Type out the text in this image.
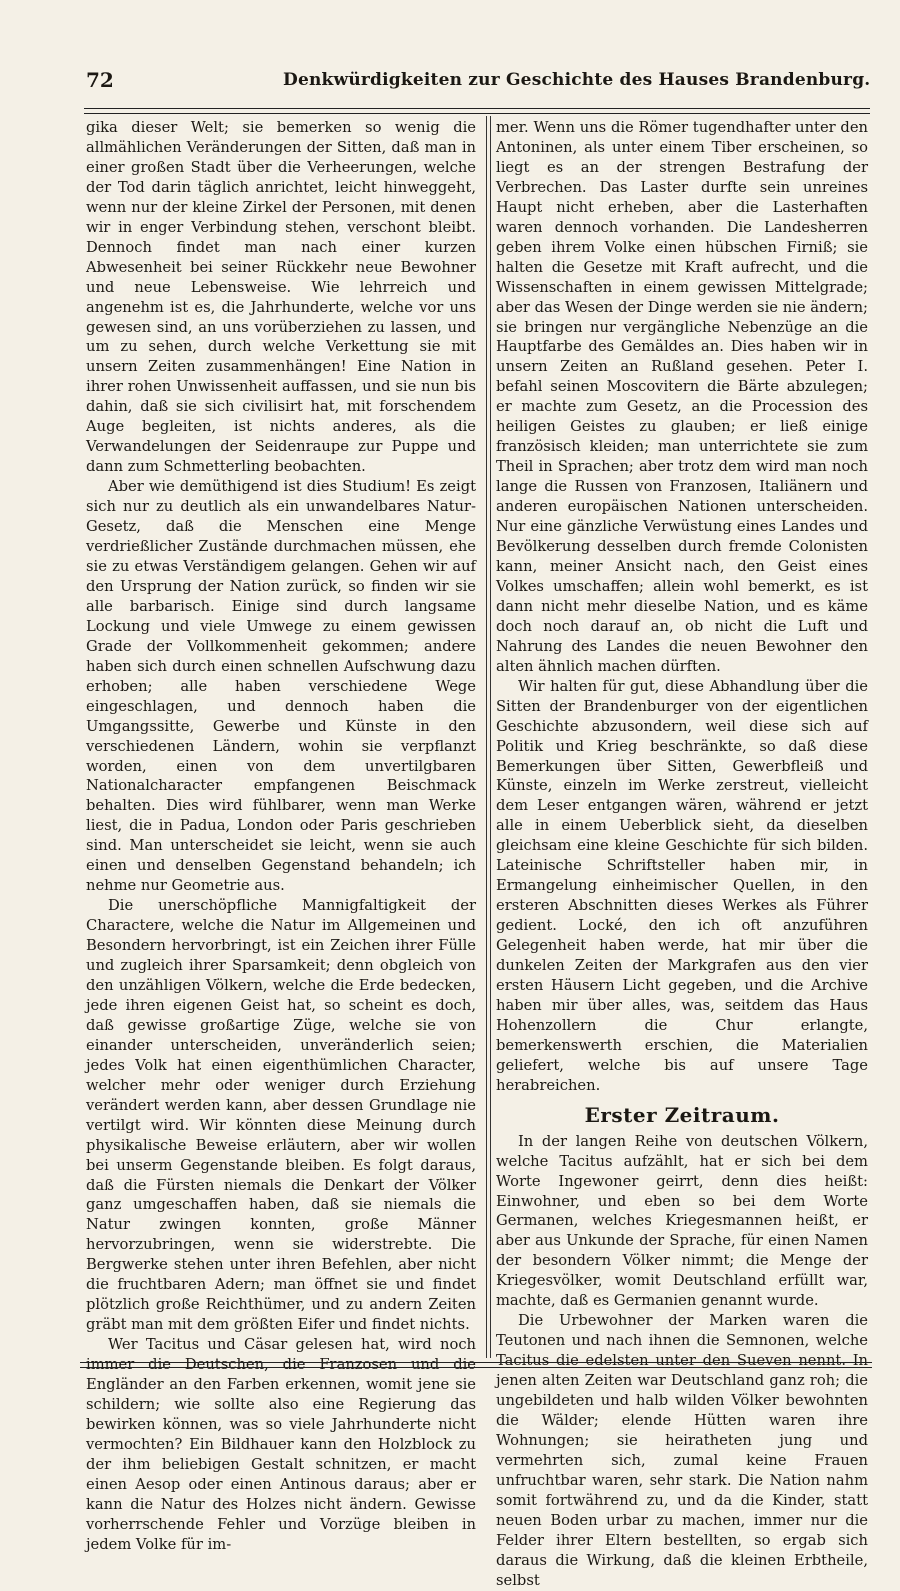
72	Denkwürdigkeiten zur Geschichte des Hauses Brandenburg.

gika dieser Welt; sie bemerken so wenig die allmählichen Veränderungen der Sitten, daß man in einer großen Stadt über die Verheerungen, welche der Tod darin täglich anrichtet, leicht hinweggeht, wenn nur der kleine Zirkel der Personen, mit denen wir in enger Verbindung stehen, verschont bleibt. Dennoch findet man nach einer kurzen Abwesenheit bei seiner Rückkehr neue Bewohner und neue Lebensweise. Wie lehrreich und angenehm ist es, die Jahrhunderte, welche vor uns gewesen sind, an uns vorüberziehen zu lassen, und um zu sehen, durch welche Verkettung sie mit unsern Zeiten zusammenhängen! Eine Nation in ihrer rohen Unwissenheit auffassen, und sie nun bis dahin, daß sie sich civilisirt hat, mit forschendem Auge begleiten, ist nichts anderes, als die Verwandelungen der Seidenraupe zur Puppe und dann zum Schmetterling beobachten.

Aber wie demüthigend ist dies Studium! Es zeigt sich nur zu deutlich als ein unwandelbares Natur-Gesetz, daß die Menschen eine Menge verdrießlicher Zustände durchmachen müssen, ehe sie zu etwas Verständigem gelangen. Gehen wir auf den Ursprung der Nation zurück, so finden wir sie alle barbarisch. Einige sind durch langsame Lockung und viele Umwege zu einem gewissen Grade der Vollkommenheit gekommen; andere haben sich durch einen schnellen Aufschwung dazu erhoben; alle haben verschiedene Wege eingeschlagen, und dennoch haben die Umgangssitte, Gewerbe und Künste in den verschiedenen Ländern, wohin sie verpflanzt worden, einen von dem unvertilgbaren Nationalcharacter empfangenen Beischmack behalten. Dies wird fühlbarer, wenn man Werke liest, die in Padua, London oder Paris geschrieben sind. Man unterscheidet sie leicht, wenn sie auch einen und denselben Gegenstand behandeln; ich nehme nur Geometrie aus.

Die unerschöpfliche Mannigfaltigkeit der Charactere, welche die Natur im Allgemeinen und Besondern hervorbringt, ist ein Zeichen ihrer Fülle und zugleich ihrer Sparsamkeit; denn obgleich von den unzähligen Völkern, welche die Erde bedecken, jede ihren eigenen Geist hat, so scheint es doch, daß gewisse großartige Züge, welche sie von einander unterscheiden, unveränderlich seien; jedes Volk hat einen eigenthümlichen Character, welcher mehr oder weniger durch Erziehung verändert werden kann, aber dessen Grundlage nie vertilgt wird. Wir könnten diese Meinung durch physikalische Beweise erläutern, aber wir wollen bei unserm Gegenstande bleiben. Es folgt daraus, daß die Fürsten niemals die Denkart der Völker ganz umgeschaffen haben, daß sie niemals die Natur zwingen konnten, große Männer hervorzubringen, wenn sie widerstrebte. Die Bergwerke stehen unter ihren Befehlen, aber nicht die fruchtbaren Adern; man öffnet sie und findet plötzlich große Reichthümer, und zu andern Zeiten gräbt man mit dem größten Eifer und findet nichts.

Wer Tacitus und Cäsar gelesen hat, wird noch immer die Deutschen, die Franzosen und die Engländer an den Farben erkennen, womit jene sie schildern; wie sollte also eine Regierung das bewirken können, was so viele Jahrhunderte nicht vermochten? Ein Bildhauer kann den Holzblock zu der ihm beliebigen Gestalt schnitzen, er macht einen Aesop oder einen Antinous daraus; aber er kann die Natur des Holzes nicht ändern. Gewisse vorherrschende Fehler und Vorzüge bleiben in jedem Volke für im-

mer. Wenn uns die Römer tugendhafter unter den Antoninen, als unter einem Tiber erscheinen, so liegt es an der strengen Bestrafung der Verbrechen. Das Laster durfte sein unreines Haupt nicht erheben, aber die Lasterhaften waren dennoch vorhanden. Die Landesherren geben ihrem Volke einen hübschen Firniß; sie halten die Gesetze mit Kraft aufrecht, und die Wissenschaften in einem gewissen Mittelgrade; aber das Wesen der Dinge werden sie nie ändern; sie bringen nur vergängliche Nebenzüge an die Hauptfarbe des Gemäldes an. Dies haben wir in unsern Zeiten an Rußland gesehen. Peter I. befahl seinen Moscovitern die Bärte abzulegen; er machte zum Gesetz, an die Procession des heiligen Geistes zu glauben; er ließ einige französisch kleiden; man unterrichtete sie zum Theil in Sprachen; aber trotz dem wird man noch lange die Russen von Franzosen, Italiänern und anderen europäischen Nationen unterscheiden. Nur eine gänzliche Verwüstung eines Landes und Bevölkerung desselben durch fremde Colonisten kann, meiner Ansicht nach, den Geist eines Volkes umschaffen; allein wohl bemerkt, es ist dann nicht mehr dieselbe Nation, und es käme doch noch darauf an, ob nicht die Luft und Nahrung des Landes die neuen Bewohner den alten ähnlich machen dürften.

Wir halten für gut, diese Abhandlung über die Sitten der Brandenburger von der eigentlichen Geschichte abzusondern, weil diese sich auf Politik und Krieg beschränkte, so daß diese Bemerkungen über Sitten, Gewerbfleiß und Künste, einzeln im Werke zerstreut, vielleicht dem Leser entgangen wären, während er jetzt alle in einem Ueberblick sieht, da dieselben gleichsam eine kleine Geschichte für sich bilden. Lateinische Schriftsteller haben mir, in Ermangelung einheimischer Quellen, in den ersteren Abschnitten dieses Werkes als Führer gedient. Locké, den ich oft anzuführen Gelegenheit haben werde, hat mir über die dunkelen Zeiten der Markgrafen aus den vier ersten Häusern Licht gegeben, und die Archive haben mir über alles, was, seitdem das Haus Hohenzollern die Chur erlangte, bemerkenswerth erschien, die Materialien geliefert, welche bis auf unsere Tage herabreichen.

Erster Zeitraum.

In der langen Reihe von deutschen Völkern, welche Tacitus aufzählt, hat er sich bei dem Worte Ingewoner geirrt, denn dies heißt: Einwohner, und eben so bei dem Worte Germanen, welches Kriegesmannen heißt, er aber aus Unkunde der Sprache, für einen Namen der besondern Völker nimmt; die Menge der Kriegesvölker, womit Deutschland erfüllt war, machte, daß es Germanien genannt wurde.

Die Urbewohner der Marken waren die Teutonen und nach ihnen die Semnonen, welche Tacitus die edelsten unter den Sueven nennt. In jenen alten Zeiten war Deutschland ganz roh; die ungebildeten und halb wilden Völker bewohnten die Wälder; elende Hütten waren ihre Wohnungen; sie heiratheten jung und vermehrten sich, zumal keine Frauen unfruchtbar waren, sehr stark. Die Nation nahm somit fortwährend zu, und da die Kinder, statt neuen Boden urbar zu machen, immer nur die Felder ihrer Eltern bestellten, so ergab sich daraus die Wirkung, daß die kleinen Erbtheile, selbst
